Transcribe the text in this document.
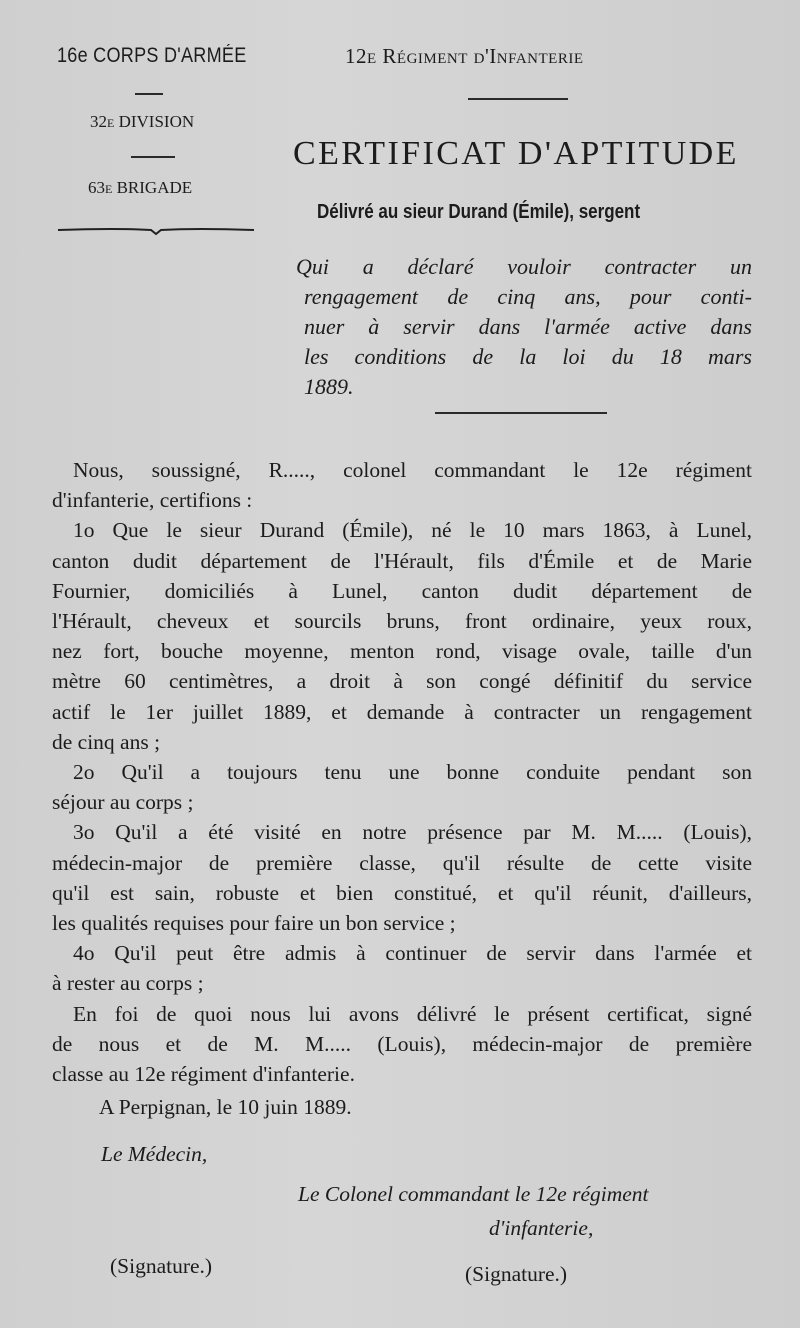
16e CORPS D'ARMÉE	12e Régiment d'Infanterie
32e DIVISION
63e BRIGADE
CERTIFICAT D'APTITUDE
Délivré au sieur Durand (Émile), sergent
Qui a déclaré vouloir contracter un
rengagement de cinq ans, pour conti-
nuer à servir dans l'armée active dans
les conditions de la loi du 18 mars
1889.
Nous, soussigné, R....., colonel commandant le 12e régiment
d'infanterie, certifions :
1o Que le sieur Durand (Émile), né le 10 mars 1863, à Lunel,
canton dudit département de l'Hérault, fils d'Émile et de Marie
Fournier, domiciliés à Lunel, canton dudit département de
l'Hérault, cheveux et sourcils bruns, front ordinaire, yeux roux,
nez fort, bouche moyenne, menton rond, visage ovale, taille d'un
mètre 60 centimètres, a droit à son congé définitif du service
actif le 1er juillet 1889, et demande à contracter un rengagement
de cinq ans ;
2o Qu'il a toujours tenu une bonne conduite pendant son
séjour au corps ;
3o Qu'il a été visité en notre présence par M. M..... (Louis),
médecin-major de première classe, qu'il résulte de cette visite
qu'il est sain, robuste et bien constitué, et qu'il réunit, d'ailleurs,
les qualités requises pour faire un bon service ;
4o Qu'il peut être admis à continuer de servir dans l'armée et
à rester au corps ;
En foi de quoi nous lui avons délivré le présent certificat, signé
de nous et de M. M..... (Louis), médecin-major de première
classe au 12e régiment d'infanterie.
A Perpignan, le 10 juin 1889.
Le Médecin,
Le Colonel commandant le 12e régiment
d'infanterie,
(Signature.)	(Signature.)
